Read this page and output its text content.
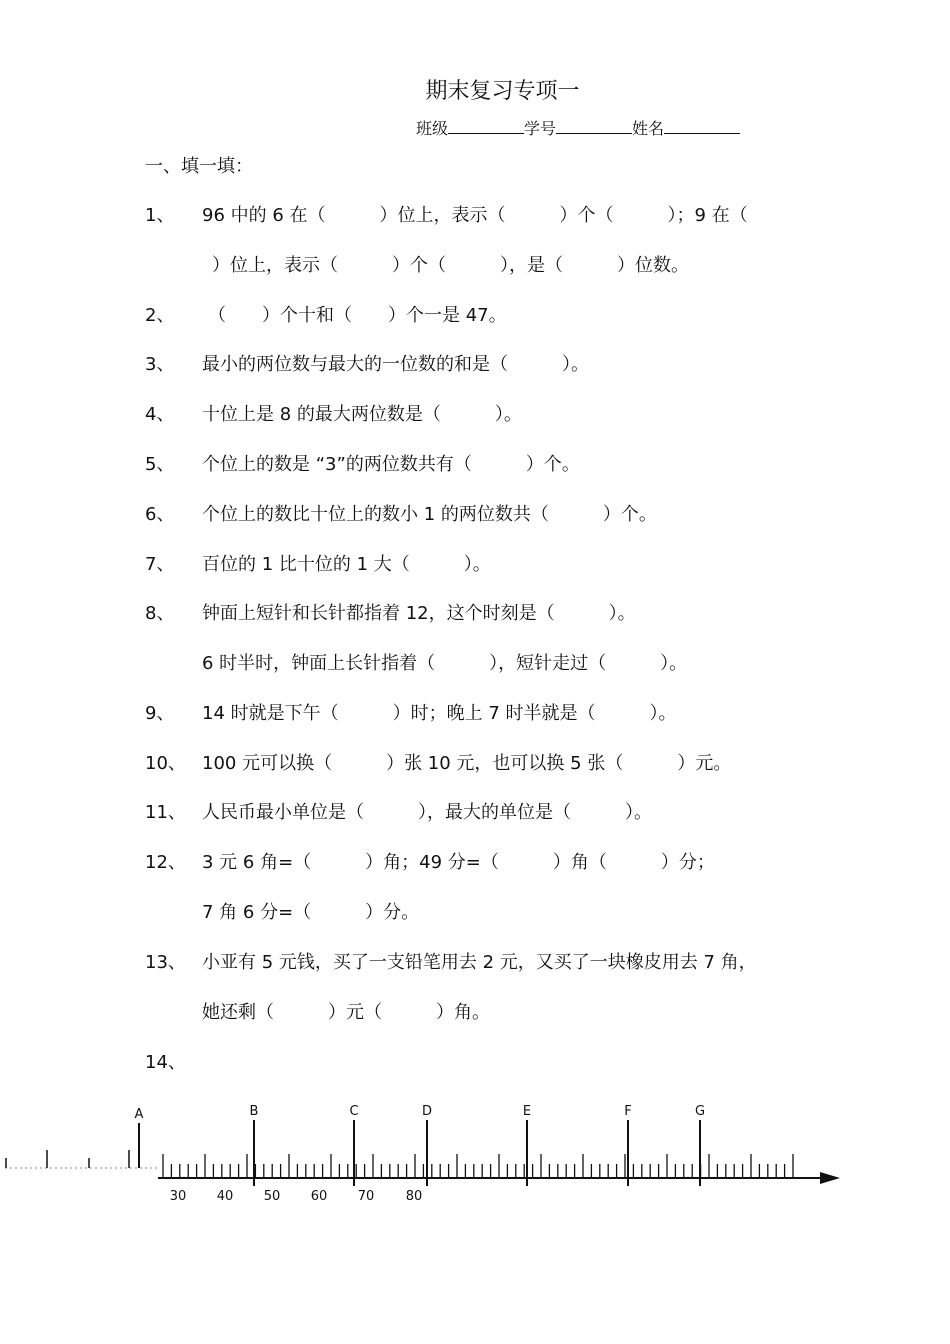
期末复习专项一
班级	学号	姓名
一、填一填：
1、 96 中的 6 在（　　　）位上，表示（　　　）个（　　　）；9 在（
）位上，表示（　　　）个（　　　），是（　　　）位数。
2、 （　　）个十和（　　）个一是 47。
3、 最小的两位数与最大的一位数的和是（　　　）。
4、 十位上是 8 的最大两位数是（　　　）。
5、 个位上的数是 “3”的两位数共有（　　　）个。
6、 个位上的数比十位上的数小 1 的两位数共（　　　）个。
7、 百位的 1 比十位的 1 大（　　　）。
8、 钟面上短针和长针都指着 12，这个时刻是（　　　）。
6 时半时，钟面上长针指着（　　　），短针走过（　　　）。
9、 14 时就是下午（　　　）时；晚上 7 时半就是（　　　）。
10、 100 元可以换（　　　）张 10 元，也可以换 5 张（　　　）元。
11、 人民币最小单位是（　　　），最大的单位是（　　　）。
12、 3 元 6 角=（　　　）角；49 分=（　　　）角（　　　）分；
7 角 6 分=（　　　）分。
13、 小亚有 5 元钱，买了一支铅笔用去 2 元，又买了一块橡皮用去 7 角，
她还剩（　　　）元（　　　）角。
14、
A	B	C	D	E	F	G
30 40 50 60 70 80
